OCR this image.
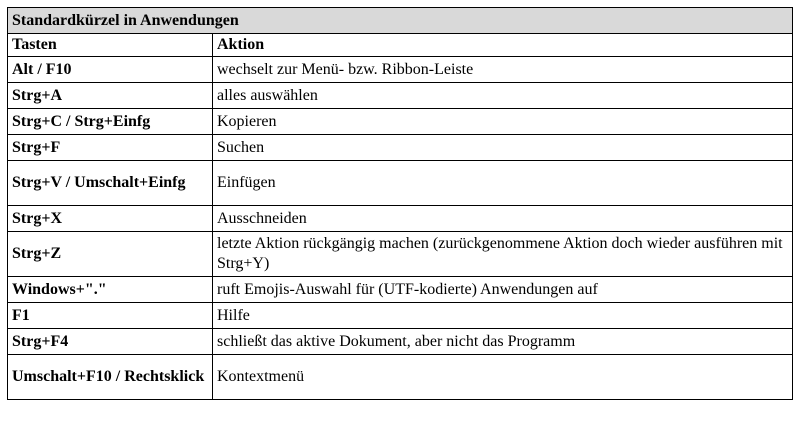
Standardkürzel in Anwendungen	
Tasten	Aktion
Alt / F10	wechselt zur Menü- bzw. Ribbon-Leiste
Strg+A	alles auswählen
Strg+C / Strg+Einfg	Kopieren
Strg+F	Suchen
Strg+V / Umschalt+Einfg	Einfügen
Strg+X	Ausschneiden
Strg+Z	letzte Aktion rückgängig machen (zurückgenommene Aktion doch wieder ausführen mit Strg+Y)
Windows+"."	ruft Emojis-Auswahl für (UTF-kodierte) Anwendungen auf
F1	Hilfe
Strg+F4	schließt das aktive Dokument, aber nicht das Programm
Umschalt+F10 / Rechtsklick	Kontextmenü
